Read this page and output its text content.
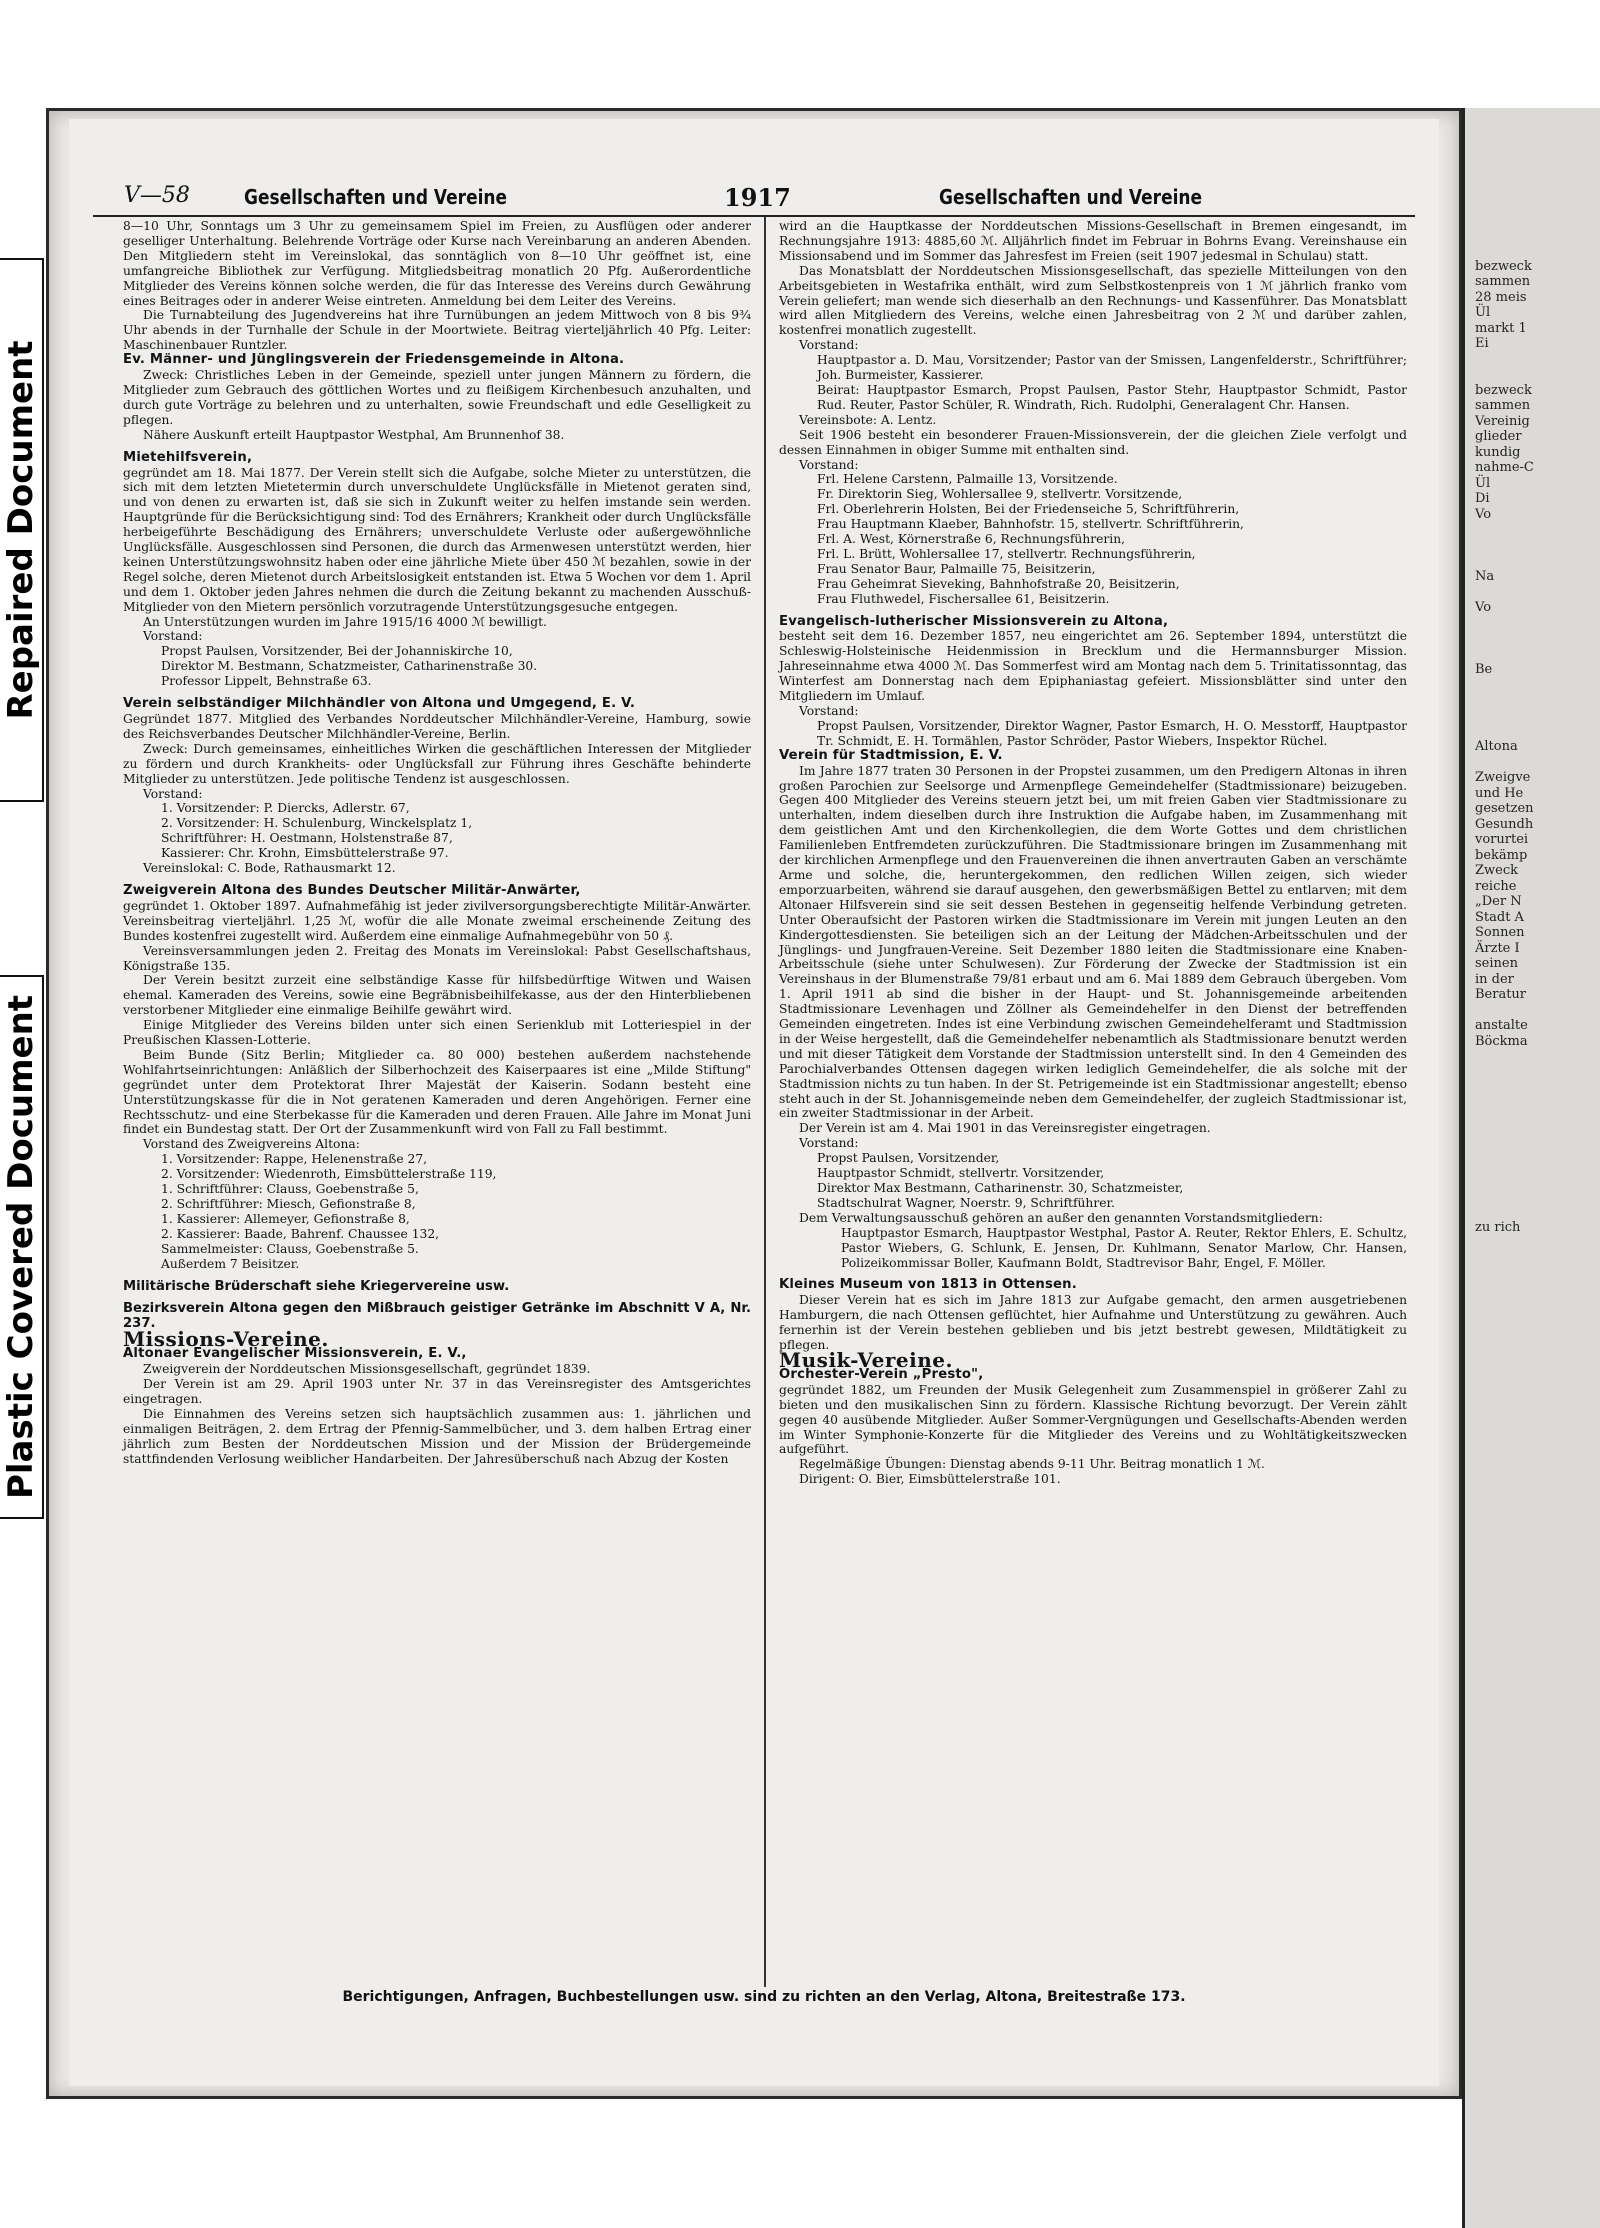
Repaired Document
Plastic Covered Document
V—58	Gesellschaften und Vereine	1917	Gesellschaften und Vereine

8—10 Uhr, Sonntags um 3 Uhr zu gemeinsamem Spiel im Freien, zu Ausflügen oder anderer geselliger Unterhaltung. Belehrende Vorträge oder Kurse nach Vereinbarung an anderen Abenden. Den Mitgliedern steht im Vereinslokal, das sonntäglich von 8—10 Uhr geöffnet ist, eine umfangreiche Bibliothek zur Verfügung. Mitgliedsbeitrag monatlich 20 Pfg. Außerordentliche Mitglieder des Vereins können solche werden, die für das Interesse des Vereins durch Gewährung eines Beitrages oder in anderer Weise eintreten. Anmeldung bei dem Leiter des Vereins.

Die Turnabteilung des Jugendvereins hat ihre Turnübungen an jedem Mittwoch von 8 bis 9¾ Uhr abends in der Turnhalle der Schule in der Moortwiete. Beitrag vierteljährlich 40 Pfg. Leiter: Maschinenbauer Runtzler.

Ev. Männer- und Jünglingsverein der Friedensgemeinde in Altona.

Zweck: Christliches Leben in der Gemeinde, speziell unter jungen Männern zu fördern, die Mitglieder zum Gebrauch des göttlichen Wortes und zu fleißigem Kirchenbesuch anzuhalten, und durch gute Vorträge zu belehren und zu unterhalten, sowie Freundschaft und edle Geselligkeit zu pflegen.

Nähere Auskunft erteilt Hauptpastor Westphal, Am Brunnenhof 38.

Mietehilfsverein,

gegründet am 18. Mai 1877. Der Verein stellt sich die Aufgabe, solche Mieter zu unterstützen, die sich mit dem letzten Mietetermin durch unverschuldete Unglücksfälle in Mietenot geraten sind, und von denen zu erwarten ist, daß sie sich in Zukunft weiter zu helfen imstande sein werden. Hauptgründe für die Berücksichtigung sind: Tod des Ernährers; Krankheit oder durch Unglücksfälle herbeigeführte Beschädigung des Ernährers; unverschuldete Verluste oder außergewöhnliche Unglücksfälle. Ausgeschlossen sind Personen, die durch das Armenwesen unterstützt werden, hier keinen Unterstützungswohnsitz haben oder eine jährliche Miete über 450 ℳ bezahlen, sowie in der Regel solche, deren Mietenot durch Arbeitslosigkeit entstanden ist. Etwa 5 Wochen vor dem 1. April und dem 1. Oktober jeden Jahres nehmen die durch die Zeitung bekannt zu machenden Ausschuß-Mitglieder von den Mietern persönlich vorzutragende Unterstützungsgesuche entgegen.

An Unterstützungen wurden im Jahre 1915/16 4000 ℳ bewilligt.

Vorstand:

Propst Paulsen, Vorsitzender, Bei der Johanniskirche 10,

Direktor M. Bestmann, Schatzmeister, Catharinenstraße 30.

Professor Lippelt, Behnstraße 63.

Verein selbständiger Milchhändler von Altona und Umgegend, E. V.

Gegründet 1877. Mitglied des Verbandes Norddeutscher Milchhändler-Vereine, Hamburg, sowie des Reichsverbandes Deutscher Milchhändler-Vereine, Berlin.

Zweck: Durch gemeinsames, einheitliches Wirken die geschäftlichen Interessen der Mitglieder zu fördern und durch Krankheits- oder Unglücksfall zur Führung ihres Geschäfte behinderte Mitglieder zu unterstützen. Jede politische Tendenz ist ausgeschlossen.

Vorstand:

1. Vorsitzender: P. Diercks, Adlerstr. 67,

2. Vorsitzender: H. Schulenburg, Winckelsplatz 1,

Schriftführer: H. Oestmann, Holstenstraße 87,

Kassierer: Chr. Krohn, Eimsbüttelerstraße 97.

Vereinslokal: C. Bode, Rathausmarkt 12.

Zweigverein Altona des Bundes Deutscher Militär-Anwärter,

gegründet 1. Oktober 1897. Aufnahmefähig ist jeder zivilversorgungsberechtigte Militär-Anwärter. Vereinsbeitrag vierteljährl. 1,25 ℳ, wofür die alle Monate zweimal erscheinende Zeitung des Bundes kostenfrei zugestellt wird. Außerdem eine einmalige Aufnahmegebühr von 50 ₰.

Vereinsversammlungen jeden 2. Freitag des Monats im Vereinslokal: Pabst Gesellschaftshaus, Königstraße 135.

Der Verein besitzt zurzeit eine selbständige Kasse für hilfsbedürftige Witwen und Waisen ehemal. Kameraden des Vereins, sowie eine Begräbnisbeihilfekasse, aus der den Hinterbliebenen verstorbener Mitglieder eine einmalige Beihilfe gewährt wird.

Einige Mitglieder des Vereins bilden unter sich einen Serienklub mit Lotteriespiel in der Preußischen Klassen-Lotterie.

Beim Bunde (Sitz Berlin; Mitglieder ca. 80 000) bestehen außerdem nachstehende Wohlfahrtseinrichtungen: Anläßlich der Silberhochzeit des Kaiserpaares ist eine „Milde Stiftung" gegründet unter dem Protektorat Ihrer Majestät der Kaiserin. Sodann besteht eine Unterstützungskasse für die in Not geratenen Kameraden und deren Angehörigen. Ferner eine Rechtsschutz- und eine Sterbekasse für die Kameraden und deren Frauen. Alle Jahre im Monat Juni findet ein Bundestag statt. Der Ort der Zusammenkunft wird von Fall zu Fall bestimmt.

Vorstand des Zweigvereins Altona:

1. Vorsitzender: Rappe, Helenenstraße 27,

2. Vorsitzender: Wiedenroth, Eimsbüttelerstraße 119,

1. Schriftführer: Clauss, Goebenstraße 5,

2. Schriftführer: Miesch, Gefionstraße 8,

1. Kassierer: Allemeyer, Gefionstraße 8,

2. Kassierer: Baade, Bahrenf. Chaussee 132,

Sammelmeister: Clauss, Goebenstraße 5.

Außerdem 7 Beisitzer.

Militärische Brüderschaft siehe Kriegervereine usw.

Bezirksverein Altona gegen den Mißbrauch geistiger Getränke im Abschnitt V A, Nr. 237.

Missions-Vereine.

Altonaer Evangelischer Missionsverein, E. V.,

Zweigverein der Norddeutschen Missionsgesellschaft, gegründet 1839.

Der Verein ist am 29. April 1903 unter Nr. 37 in das Vereinsregister des Amtsgerichtes eingetragen.

Die Einnahmen des Vereins setzen sich hauptsächlich zusammen aus: 1. jährlichen und einmaligen Beiträgen, 2. dem Ertrag der Pfennig-Sammelbücher, und 3. dem halben Ertrag einer jährlich zum Besten der Norddeutschen Mission und der Mission der Brüdergemeinde stattfindenden Verlosung weiblicher Handarbeiten. Der Jahresüberschuß nach Abzug der Kosten

wird an die Hauptkasse der Norddeutschen Missions-Gesellschaft in Bremen eingesandt, im Rechnungsjahre 1913: 4885,60 ℳ. Alljährlich findet im Februar in Bohrns Evang. Vereinshause ein Missionsabend und im Sommer das Jahresfest im Freien (seit 1907 jedesmal in Schulau) statt.

Das Monatsblatt der Norddeutschen Missionsgesellschaft, das spezielle Mitteilungen von den Arbeitsgebieten in Westafrika enthält, wird zum Selbstkostenpreis von 1 ℳ jährlich franko vom Verein geliefert; man wende sich dieserhalb an den Rechnungs- und Kassenführer. Das Monatsblatt wird allen Mitgliedern des Vereins, welche einen Jahresbeitrag von 2 ℳ und darüber zahlen, kostenfrei monatlich zugestellt.

Vorstand:

Hauptpastor a. D. Mau, Vorsitzender; Pastor van der Smissen, Langenfelderstr., Schriftführer; Joh. Burmeister, Kassierer.

Beirat: Hauptpastor Esmarch, Propst Paulsen, Pastor Stehr, Hauptpastor Schmidt, Pastor Rud. Reuter, Pastor Schüler, R. Windrath, Rich. Rudolphi, Generalagent Chr. Hansen.

Vereinsbote: A. Lentz.

Seit 1906 besteht ein besonderer Frauen-Missionsverein, der die gleichen Ziele verfolgt und dessen Einnahmen in obiger Summe mit enthalten sind.

Vorstand:

Frl. Helene Carstenn, Palmaille 13, Vorsitzende.

Fr. Direktorin Sieg, Wohlersallee 9, stellvertr. Vorsitzende,

Frl. Oberlehrerin Holsten, Bei der Friedenseiche 5, Schriftführerin,

Frau Hauptmann Klaeber, Bahnhofstr. 15, stellvertr. Schriftführerin,

Frl. A. West, Körnerstraße 6, Rechnungsführerin,

Frl. L. Brütt, Wohlersallee 17, stellvertr. Rechnungsführerin,

Frau Senator Baur, Palmaille 75, Beisitzerin,

Frau Geheimrat Sieveking, Bahnhofstraße 20, Beisitzerin,

Frau Fluthwedel, Fischersallee 61, Beisitzerin.

Evangelisch-lutherischer Missionsverein zu Altona,

besteht seit dem 16. Dezember 1857, neu eingerichtet am 26. September 1894, unterstützt die Schleswig-Holsteinische Heidenmission in Brecklum und die Hermannsburger Mission. Jahreseinnahme etwa 4000 ℳ. Das Sommerfest wird am Montag nach dem 5. Trinitatissonntag, das Winterfest am Donnerstag nach dem Epiphaniastag gefeiert. Missionsblätter sind unter den Mitgliedern im Umlauf.

Vorstand:

Propst Paulsen, Vorsitzender, Direktor Wagner, Pastor Esmarch, H. O. Messtorff, Hauptpastor Tr. Schmidt, E. H. Tormählen, Pastor Schröder, Pastor Wiebers, Inspektor Rüchel.

Verein für Stadtmission, E. V.

Im Jahre 1877 traten 30 Personen in der Propstei zusammen, um den Predigern Altonas in ihren großen Parochien zur Seelsorge und Armenpflege Gemeindehelfer (Stadtmissionare) beizugeben. Gegen 400 Mitglieder des Vereins steuern jetzt bei, um mit freien Gaben vier Stadtmissionare zu unterhalten, indem dieselben durch ihre Instruktion die Aufgabe haben, im Zusammenhang mit dem geistlichen Amt und den Kirchenkollegien, die dem Worte Gottes und dem christlichen Familienleben Entfremdeten zurückzuführen. Die Stadtmissionare bringen im Zusammenhang mit der kirchlichen Armenpflege und den Frauenvereinen die ihnen anvertrauten Gaben an verschämte Arme und solche, die, heruntergekommen, den redlichen Willen zeigen, sich wieder emporzuarbeiten, während sie darauf ausgehen, den gewerbsmäßigen Bettel zu entlarven; mit dem Altonaer Hilfsverein sind sie seit dessen Bestehen in gegenseitig helfende Verbindung getreten. Unter Oberaufsicht der Pastoren wirken die Stadtmissionare im Verein mit jungen Leuten an den Kindergottesdiensten. Sie beteiligen sich an der Leitung der Mädchen-Arbeitsschulen und der Jünglings- und Jungfrauen-Vereine. Seit Dezember 1880 leiten die Stadtmissionare eine Knaben-Arbeitsschule (siehe unter Schulwesen). Zur Förderung der Zwecke der Stadtmission ist ein Vereinshaus in der Blumenstraße 79/81 erbaut und am 6. Mai 1889 dem Gebrauch übergeben. Vom 1. April 1911 ab sind die bisher in der Haupt- und St. Johannisgemeinde arbeitenden Stadtmissionare Levenhagen und Zöllner als Gemeindehelfer in den Dienst der betreffenden Gemeinden eingetreten. Indes ist eine Verbindung zwischen Gemeindehelferamt und Stadtmission in der Weise hergestellt, daß die Gemeindehelfer nebenamtlich als Stadtmissionare benutzt werden und mit dieser Tätigkeit dem Vorstande der Stadtmission unterstellt sind. In den 4 Gemeinden des Parochialverbandes Ottensen dagegen wirken lediglich Gemeindehelfer, die als solche mit der Stadtmission nichts zu tun haben. In der St. Petrigemeinde ist ein Stadtmissionar angestellt; ebenso steht auch in der St. Johannisgemeinde neben dem Gemeindehelfer, der zugleich Stadtmissionar ist, ein zweiter Stadtmissionar in der Arbeit.

Der Verein ist am 4. Mai 1901 in das Vereinsregister eingetragen.

Vorstand:

Propst Paulsen, Vorsitzender,

Hauptpastor Schmidt, stellvertr. Vorsitzender,

Direktor Max Bestmann, Catharinenstr. 30, Schatzmeister,

Stadtschulrat Wagner, Noerstr. 9, Schriftführer.

Dem Verwaltungsausschuß gehören an außer den genannten Vorstandsmitgliedern:

Hauptpastor Esmarch, Hauptpastor Westphal, Pastor A. Reuter, Rektor Ehlers, E. Schultz, Pastor Wiebers, G. Schlunk, E. Jensen, Dr. Kuhlmann, Senator Marlow, Chr. Hansen, Polizeikommissar Boller, Kaufmann Boldt, Stadtrevisor Bahr, Engel, F. Möller.

Kleines Museum von 1813 in Ottensen.

Dieser Verein hat es sich im Jahre 1813 zur Aufgabe gemacht, den armen ausgetriebenen Hamburgern, die nach Ottensen geflüchtet, hier Aufnahme und Unterstützung zu gewähren. Auch fernerhin ist der Verein bestehen geblieben und bis jetzt bestrebt gewesen, Mildtätigkeit zu pflegen.

Musik-Vereine.

Orchester-Verein „Presto",

gegründet 1882, um Freunden der Musik Gelegenheit zum Zusammenspiel in größerer Zahl zu bieten und den musikalischen Sinn zu fördern. Klassische Richtung bevorzugt. Der Verein zählt gegen 40 ausübende Mitglieder. Außer Sommer-Vergnügungen und Gesellschafts-Abenden werden im Winter Symphonie-Konzerte für die Mitglieder des Vereins und zu Wohltätigkeitszwecken aufgeführt.

Regelmäßige Übungen: Dienstag abends 9-11 Uhr. Beitrag monatlich 1 ℳ.

Dirigent: O. Bier, Eimsbüttelerstraße 101.

Berichtigungen, Anfragen, Buchbestellungen usw. sind zu richten an den Verlag, Altona, Breitestraße 173.

bezweck
sammen
28 meis
Ül
markt 1
Ei

bezweck
sammen
Vereinig
glieder
kundig
nahme-C
Ül
Di
Vo

Na

Vo

Be

Altona

Zweigve
und He
gesetzen
Gesundh
vorurtei
bekämp
Zweck
reiche
„Der N
Stadt A
Sonnen
Ärzte I
seinen
in der
Beratur

anstalte
Böckma

zu rich
